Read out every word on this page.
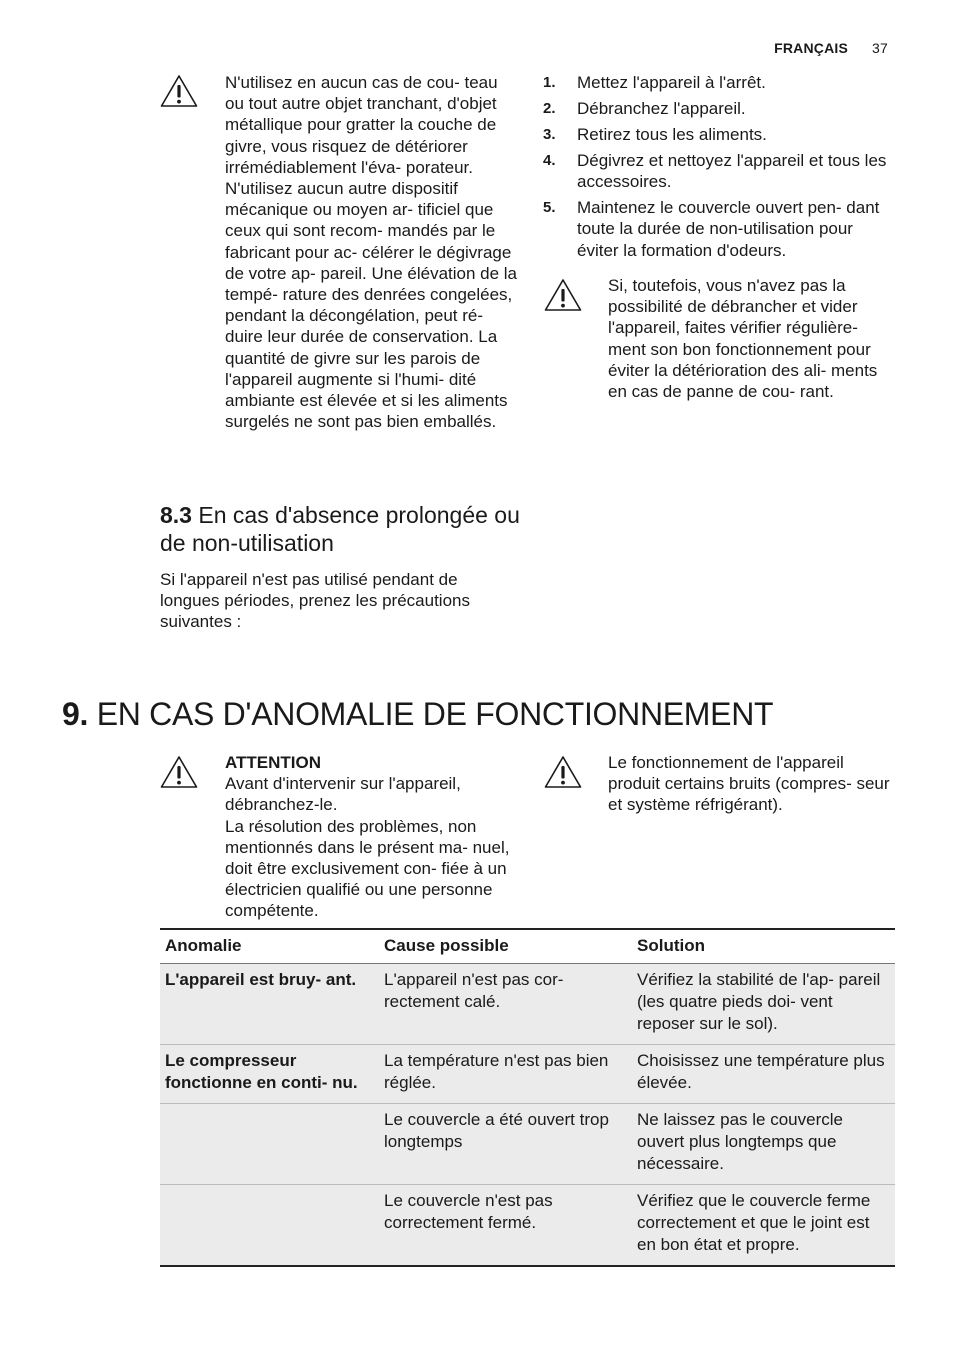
FRANÇAIS 37
N'utilisez en aucun cas de cou- teau ou tout autre objet tranchant, d'objet métallique pour gratter la couche de givre, vous risquez de détériorer irrémédiablement l'éva- porateur. N'utilisez aucun autre dispositif mécanique ou moyen ar- tificiel que ceux qui sont recom- mandés par le fabricant pour ac- célérer le dégivrage de votre ap- pareil. Une élévation de la tempé- rature des denrées congelées, pendant la décongélation, peut ré- duire leur durée de conservation. La quantité de givre sur les parois de l'appareil augmente si l'humi- dité ambiante est élevée et si les aliments surgelés ne sont pas bien emballés.
8.3 En cas d'absence prolongée ou de non-utilisation
Si l'appareil n'est pas utilisé pendant de longues périodes, prenez les précautions suivantes :
1. Mettez l'appareil à l'arrêt.
2. Débranchez l'appareil.
3. Retirez tous les aliments.
4. Dégivrez et nettoyez l'appareil et tous les accessoires.
5. Maintenez le couvercle ouvert pen- dant toute la durée de non-utilisation pour éviter la formation d'odeurs.
Si, toutefois, vous n'avez pas la possibilité de débrancher et vider l'appareil, faites vérifier régulière- ment son bon fonctionnement pour éviter la détérioration des ali- ments en cas de panne de cou- rant.
9. EN CAS D'ANOMALIE DE FONCTIONNEMENT
ATTENTION
Avant d'intervenir sur l'appareil, débranchez-le.
La résolution des problèmes, non mentionnés dans le présent ma- nuel, doit être exclusivement con- fiée à un électricien qualifié ou une personne compétente.
Le fonctionnement de l'appareil produit certains bruits (compres- seur et système réfrigérant).
Anomalie	Cause possible	Solution
L'appareil est bruy- ant.	L'appareil n'est pas cor- rectement calé.	Vérifiez la stabilité de l'ap- pareil (les quatre pieds doi- vent reposer sur le sol).
Le compresseur fonctionne en conti- nu.	La température n'est pas bien réglée.	Choisissez une température plus élevée.
	Le couvercle a été ouvert trop longtemps	Ne laissez pas le couvercle ouvert plus longtemps que nécessaire.
	Le couvercle n'est pas correctement fermé.	Vérifiez que le couvercle ferme correctement et que le joint est en bon état et propre.
